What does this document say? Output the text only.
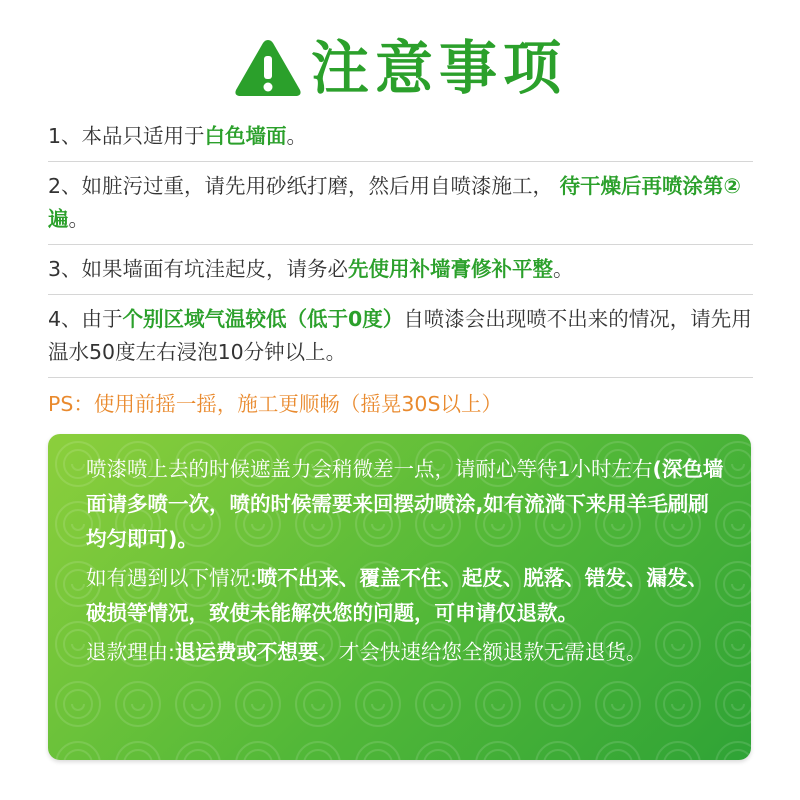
注意事项
1、本品只适用于白色墙面。
2、如脏污过重，请先用砂纸打磨，然后用自喷漆施工， 待干燥后再喷涂第②遍。
3、如果墙面有坑洼起皮，请务必先使用补墙膏修补平整。
4、由于个别区域气温较低（低于0度）自喷漆会出现喷不出来的情况，请先用温水50度左右浸泡10分钟以上。
PS：使用前摇一摇，施工更顺畅（摇晃30S以上）

喷漆喷上去的时候遮盖力会稍微差一点，请耐心等待1小时左右(深色墙面请多喷一次，喷的时候需要来回摆动喷涂,如有流淌下来用羊毛刷刷均匀即可)。

如有遇到以下情况:喷不出来、覆盖不住、起皮、脱落、错发、漏发、破损等情况，致使未能解决您的问题，可申请仅退款。

退款理由:退运费或不想要、才会快速给您全额退款无需退货。
